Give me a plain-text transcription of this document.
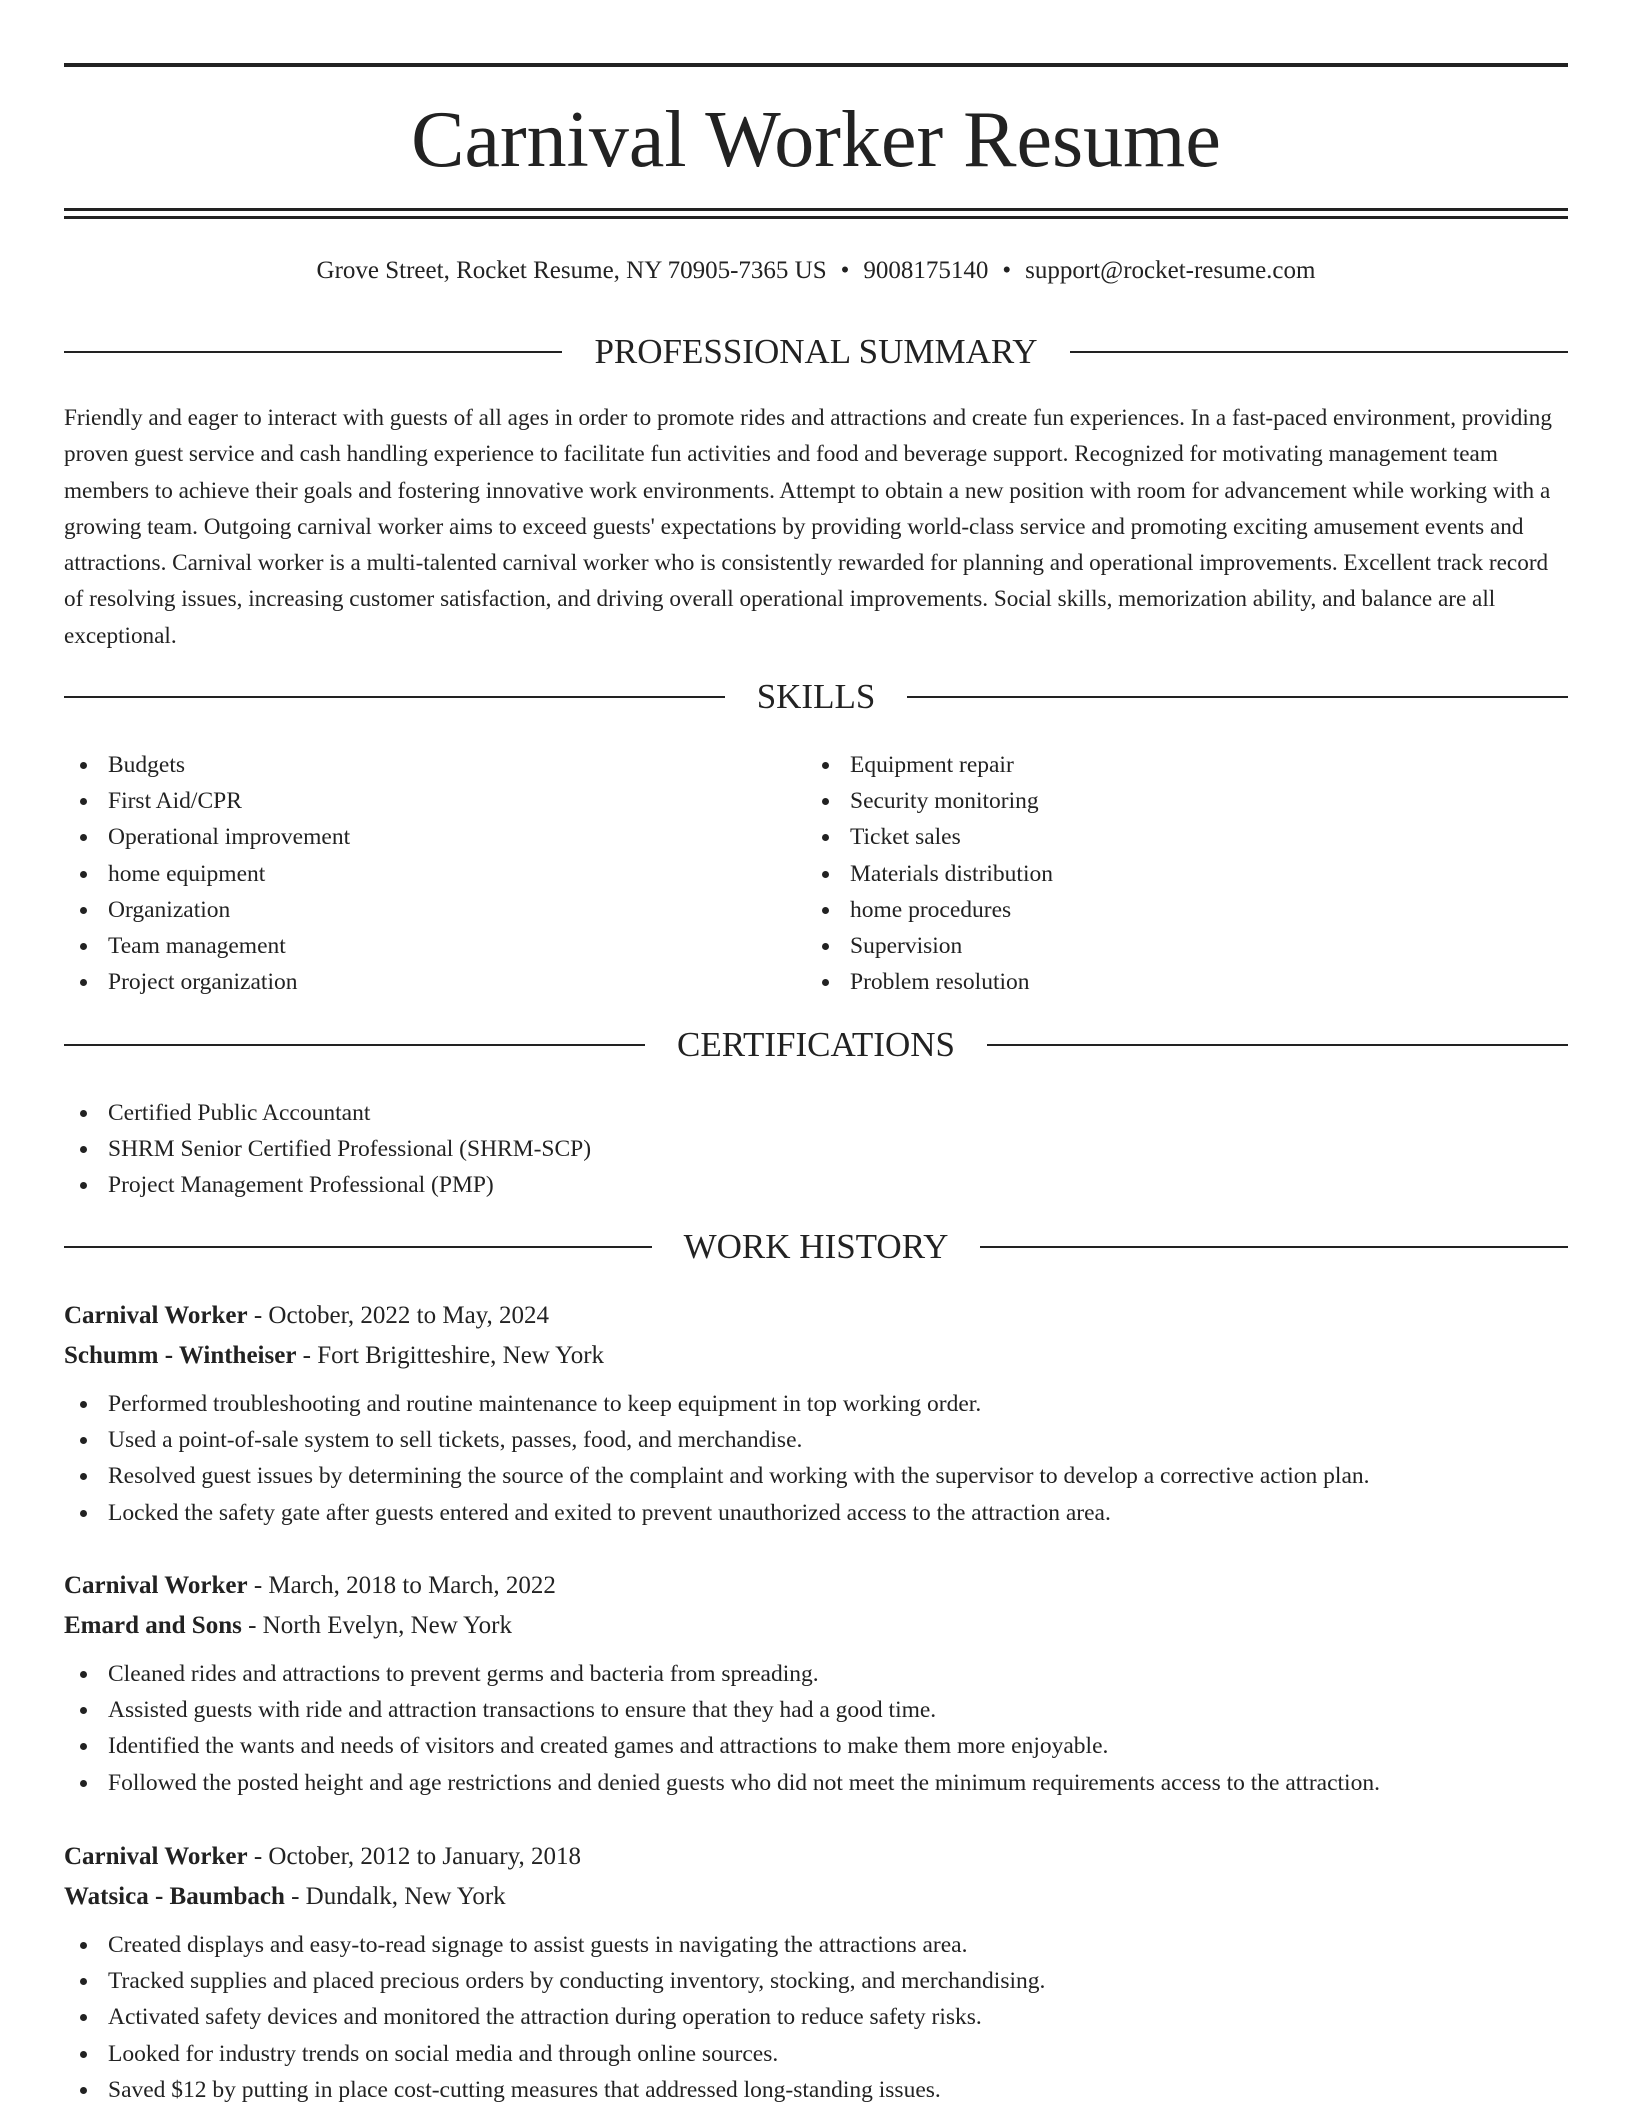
Carnival Worker Resume
Grove Street, Rocket Resume, NY 70905-7365 US • 9008175140 • support@rocket-resume.com
PROFESSIONAL SUMMARY

Friendly and eager to interact with guests of all ages in order to promote rides and attractions and create fun experiences. In a fast-paced environment, providing proven guest service and cash handling experience to facilitate fun activities and food and beverage support. Recognized for motivating management team members to achieve their goals and fostering innovative work environments. Attempt to obtain a new position with room for advancement while working with a growing team. Outgoing carnival worker aims to exceed guests' expectations by providing world-class service and promoting exciting amusement events and attractions. Carnival worker is a multi-talented carnival worker who is consistently rewarded for planning and operational improvements. Excellent track record of resolving issues, increasing customer satisfaction, and driving overall operational improvements. Social skills, memorization ability, and balance are all exceptional.

SKILLS
Budgets
First Aid/CPR
Operational improvement
home equipment
Organization
Team management
Project organization
Equipment repair
Security monitoring
Ticket sales
Materials distribution
home procedures
Supervision
Problem resolution
CERTIFICATIONS
Certified Public Accountant
SHRM Senior Certified Professional (SHRM-SCP)
Project Management Professional (PMP)
WORK HISTORY
Carnival Worker - October, 2022 to May, 2024
Schumm - Wintheiser - Fort Brigitteshire, New York
Performed troubleshooting and routine maintenance to keep equipment in top working order.
Used a point-of-sale system to sell tickets, passes, food, and merchandise.
Resolved guest issues by determining the source of the complaint and working with the supervisor to develop a corrective action plan.
Locked the safety gate after guests entered and exited to prevent unauthorized access to the attraction area.
Carnival Worker - March, 2018 to March, 2022
Emard and Sons - North Evelyn, New York
Cleaned rides and attractions to prevent germs and bacteria from spreading.
Assisted guests with ride and attraction transactions to ensure that they had a good time.
Identified the wants and needs of visitors and created games and attractions to make them more enjoyable.
Followed the posted height and age restrictions and denied guests who did not meet the minimum requirements access to the attraction.
Carnival Worker - October, 2012 to January, 2018
Watsica - Baumbach - Dundalk, New York
Created displays and easy-to-read signage to assist guests in navigating the attractions area.
Tracked supplies and placed precious orders by conducting inventory, stocking, and merchandising.
Activated safety devices and monitored the attraction during operation to reduce safety risks.
Looked for industry trends on social media and through online sources.
Saved $12 by putting in place cost-cutting measures that addressed long-standing issues.
